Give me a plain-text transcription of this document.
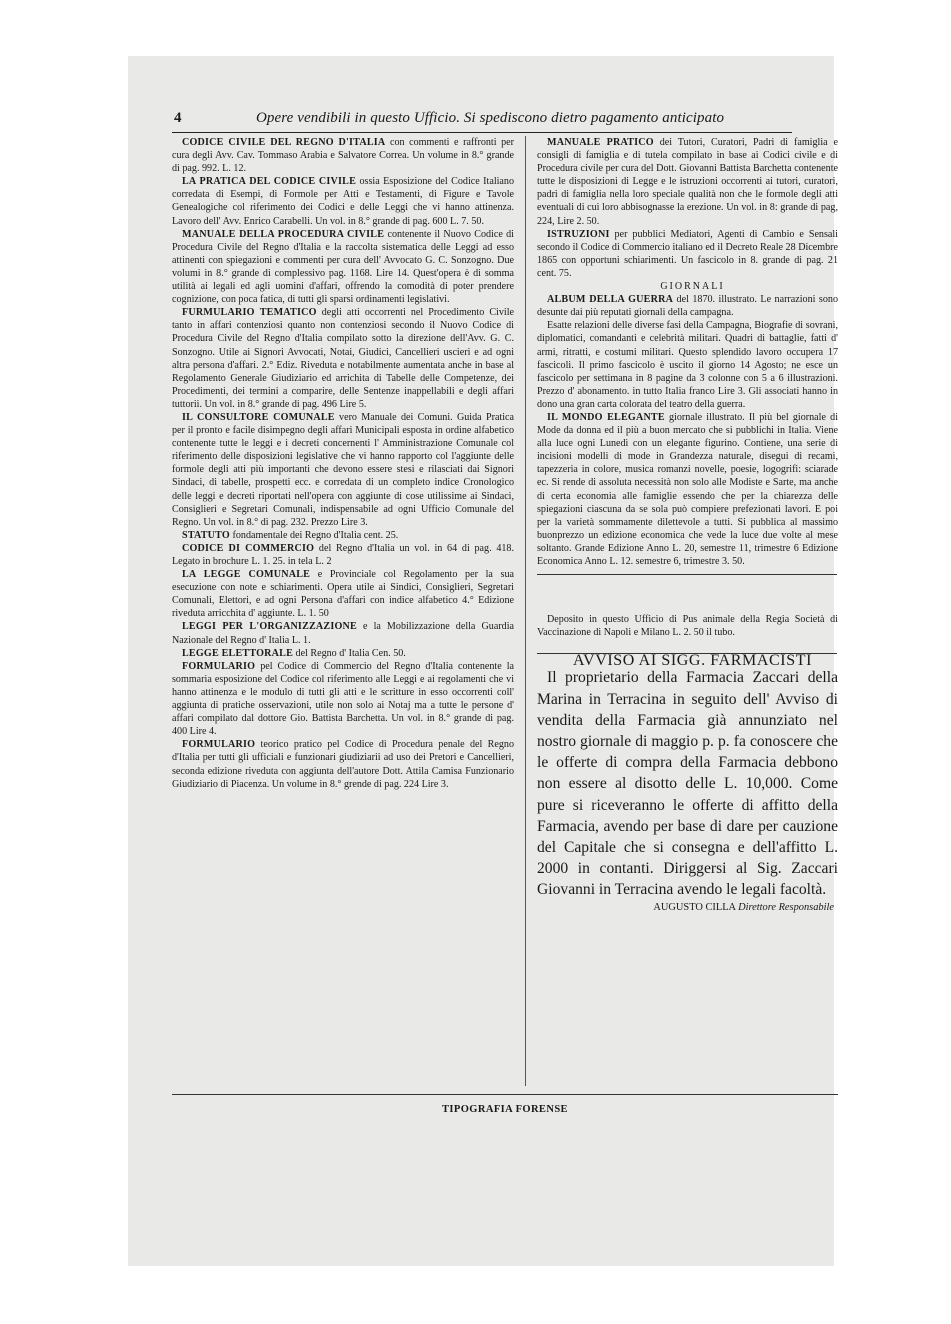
4	Opere vendibili in questo Ufficio. Si spediscono dietro pagamento anticipato

CODICE CIVILE DEL REGNO D'ITALIA con commenti e raffronti per cura degli Avv. Cav. Tommaso Arabia e Salvatore Correa. Un volume in 8.° grande di pag. 992. L. 12.

LA PRATICA DEL CODICE CIVILE ossia Esposizione del Codice Italiano corredata di Esempi, di Formole per Atti e Testamenti, di Figure e Tavole Genealogiche col riferimento dei Codici e delle Leggi che vi hanno attinenza. Lavoro dell' Avv. Enrico Carabelli. Un vol. in 8.° grande di pag. 600 L. 7. 50.

MANUALE DELLA PROCEDURA CIVILE contenente il Nuovo Codice di Procedura Civile del Regno d'Italia e la raccolta sistematica delle Leggi ad esso attinenti con spiegazioni e commenti per cura dell' Avvocato G. C. Sonzogno. Due volumi in 8.° grande di complessivo pag. 1168. Lire 14. Quest'opera è di somma utilità ai legali ed agli uomini d'affari, offrendo la comodità di poter prendere cognizione, con poca fatica, di tutti gli sparsi ordinamenti legislativi.

FURMULARIO TEMATICO degli atti occorrenti nel Procedimento Civile tanto in affari contenziosi quanto non contenziosi secondo il Nuovo Codice di Procedura Civile del Regno d'Italia compilato sotto la direzione dell'Avv. G. C. Sonzogno. Utile ai Signori Avvocati, Notai, Giudici, Cancellieri uscieri e ad ogni altra persona d'affari. 2.° Ediz. Riveduta e notabilmente aumentata anche in base al Regolamento Generale Giudiziario ed arrichita di Tabelle delle Competenze, dei Procedimenti, dei termini a comparire, delle Sentenze inappellabili e degli affari tuttorii. Un vol. in 8.° grande di pag. 496 Lire 5.

IL CONSULTORE COMUNALE vero Manuale dei Comuni. Guida Pratica per il pronto e facile disimpegno degli affari Municipali esposta in ordine alfabetico contenente tutte le leggi e i decreti concernenti l' Amministrazione Comunale col riferimento delle disposizioni legislative che vi hanno rapporto col l'aggiunte delle formole degli atti più importanti che devono essere stesi e rilasciati dai Signori Sindaci, di tabelle, prospetti ecc. e corredata di un completo indice Cronologico delle leggi e decreti riportati nell'opera con aggiunte di cose utilissime ai Sindaci, Consiglieri e Segretari Comunali, indispensabile ad ogni Ufficio Comunale del Regno. Un vol. in 8.° di pag. 232. Prezzo Lire 3.

STATUTO fondamentale dei Regno d'Italia cent. 25.

CODICE DI COMMERCIO del Regno d'Italia un vol. in 64 di pag. 418. Legato in brochure L. 1. 25. in tela L. 2

LA LEGGE COMUNALE e Provinciale col Regolamento per la sua esecuzione con note e schiarimenti. Opera utile ai Sindici, Consiglieri, Segretari Comunali, Elettori, e ad ogni Persona d'affari con indice alfabetico 4.° Edizione riveduta arricchita d' aggiunte. L. 1. 50

LEGGI PER L'ORGANIZZAZIONE e la Mobilizzazione della Guardia Nazionale del Regno d' Italia L. 1.

LEGGE ELETTORALE del Regno d' Italia Cen. 50.

FORMULARIO pel Codice di Commercio del Regno d'Italia contenente la sommaria esposizione del Codice col riferimento alle Leggi e ai regolamenti che vi hanno attinenza e le modulo di tutti gli atti e le scritture in esso occorrenti coll' aggiunta di pratiche osservazioni, utile non solo ai Notaj ma a tutte le persone d' affari compilato dal dottore Gio. Battista Barchetta. Un vol. in 8.° grande di pag. 400 Lire 4.

FORMULARIO teorico pratico pel Codice di Procedura penale del Regno d'Italia per tutti gli ufficiali e funzionari giudiziarii ad uso dei Pretori e Cancellieri, seconda edizione riveduta con aggiunta dell'autore Dott. Attila Camisa Funzionario Giudiziario di Piacenza. Un volume in 8.° grende di pag. 224 Lire 3.

MANUALE PRATICO dei Tutori, Curatori, Padri di famiglia e consigli di famiglia e di tutela compilato in base ai Codici civile e di Procedura civile per cura del Dott. Giovanni Battista Barchetta contenente tutte le disposizioni di Legge e le istruzioni occorrenti ai tutori, curatori, padri di famiglia nella loro speciale qualità non che le formole degli atti eventuali di cui loro abbisognasse la erezione. Un vol. in 8: grande di pag, 224, Lire 2. 50.

ISTRUZIONI per pubblici Mediatori, Agenti di Cambio e Sensali secondo il Codice di Commercio italiano ed il Decreto Reale 28 Dicembre 1865 con opportuni schiarimenti. Un fascicolo in 8. grande di pag. 21 cent. 75.

GIORNALI

ALBUM DELLA GUERRA del 1870. illustrato. Le narrazioni sono desunte dai più reputati giornali della campagna.

Esatte relazioni delle diverse fasi della Campagna, Biografie di sovrani, diplomatici, comandanti e celebrità militari. Quadri di battaglie, fatti d' armi, ritratti, e costumi militari. Questo splendido lavoro occupera 17 fascicoli. Il primo fascicolo è uscito il giorno 14 Agosto; ne esce un fascicolo per settimana in 8 pagine da 3 colonne con 5 a 6 illustrazioni. Prezzo d' abonamento. in tutto Italia franco Lire 3. Gli associati hanno in dono una gran carta colorata del teatro della guerra.

IL MONDO ELEGANTE giornale illustrato. Il più bel giornale di Mode da donna ed il più a buon mercato che si pubblichi in Italia. Viene alla luce ogni Lunedì con un elegante figurino. Contiene, una serie di incisioni modelli di mode in Grandezza naturale, disegui di recami, tapezzeria in colore, musica romanzi novelle, poesie, logogrifi: sciarade ec. Si rende di assoluta necessità non solo alle Modiste e Sarte, ma anche di certa economia alle famiglie essendo che per la chiarezza delle spiegazioni ciascuna da se sola può compiere prefezionati lavori. E poi per la varietà sommamente dilettevole a tutti. Si pubblica al massimo buonprezzo un edizione economica che vede la luce due volte al mese soltanto. Grande Edizione Anno L. 20, semestre 11, trimestre 6 Edizione Economica Anno L. 12. semestre 6, trimestre 3. 50.

Deposito in questo Ufficio di Pus animale della Regia Società di Vaccinazione di Napoli e Milano L. 2. 50 il tubo.

AVVISO AI SIGG. FARMACISTI

Il proprietario della Farmacia Zaccari della Marina in Terracina in seguito dell' Avviso di vendita della Farmacia già annunziato nel nostro giornale di maggio p. p. fa conoscere che le offerte di compra della Farmacia debbono non essere al disotto delle L. 10,000. Come pure si riceveranno le offerte di affitto della Farmacia, avendo per base di dare per cauzione del Capitale che si consegna e dell'affitto L. 2000 in contanti. Diriggersi al Sig. Zaccari Giovanni in Terracina avendo le legali facoltà.

AUGUSTO CILLA Direttore Responsabile

TIPOGRAFIA FORENSE
